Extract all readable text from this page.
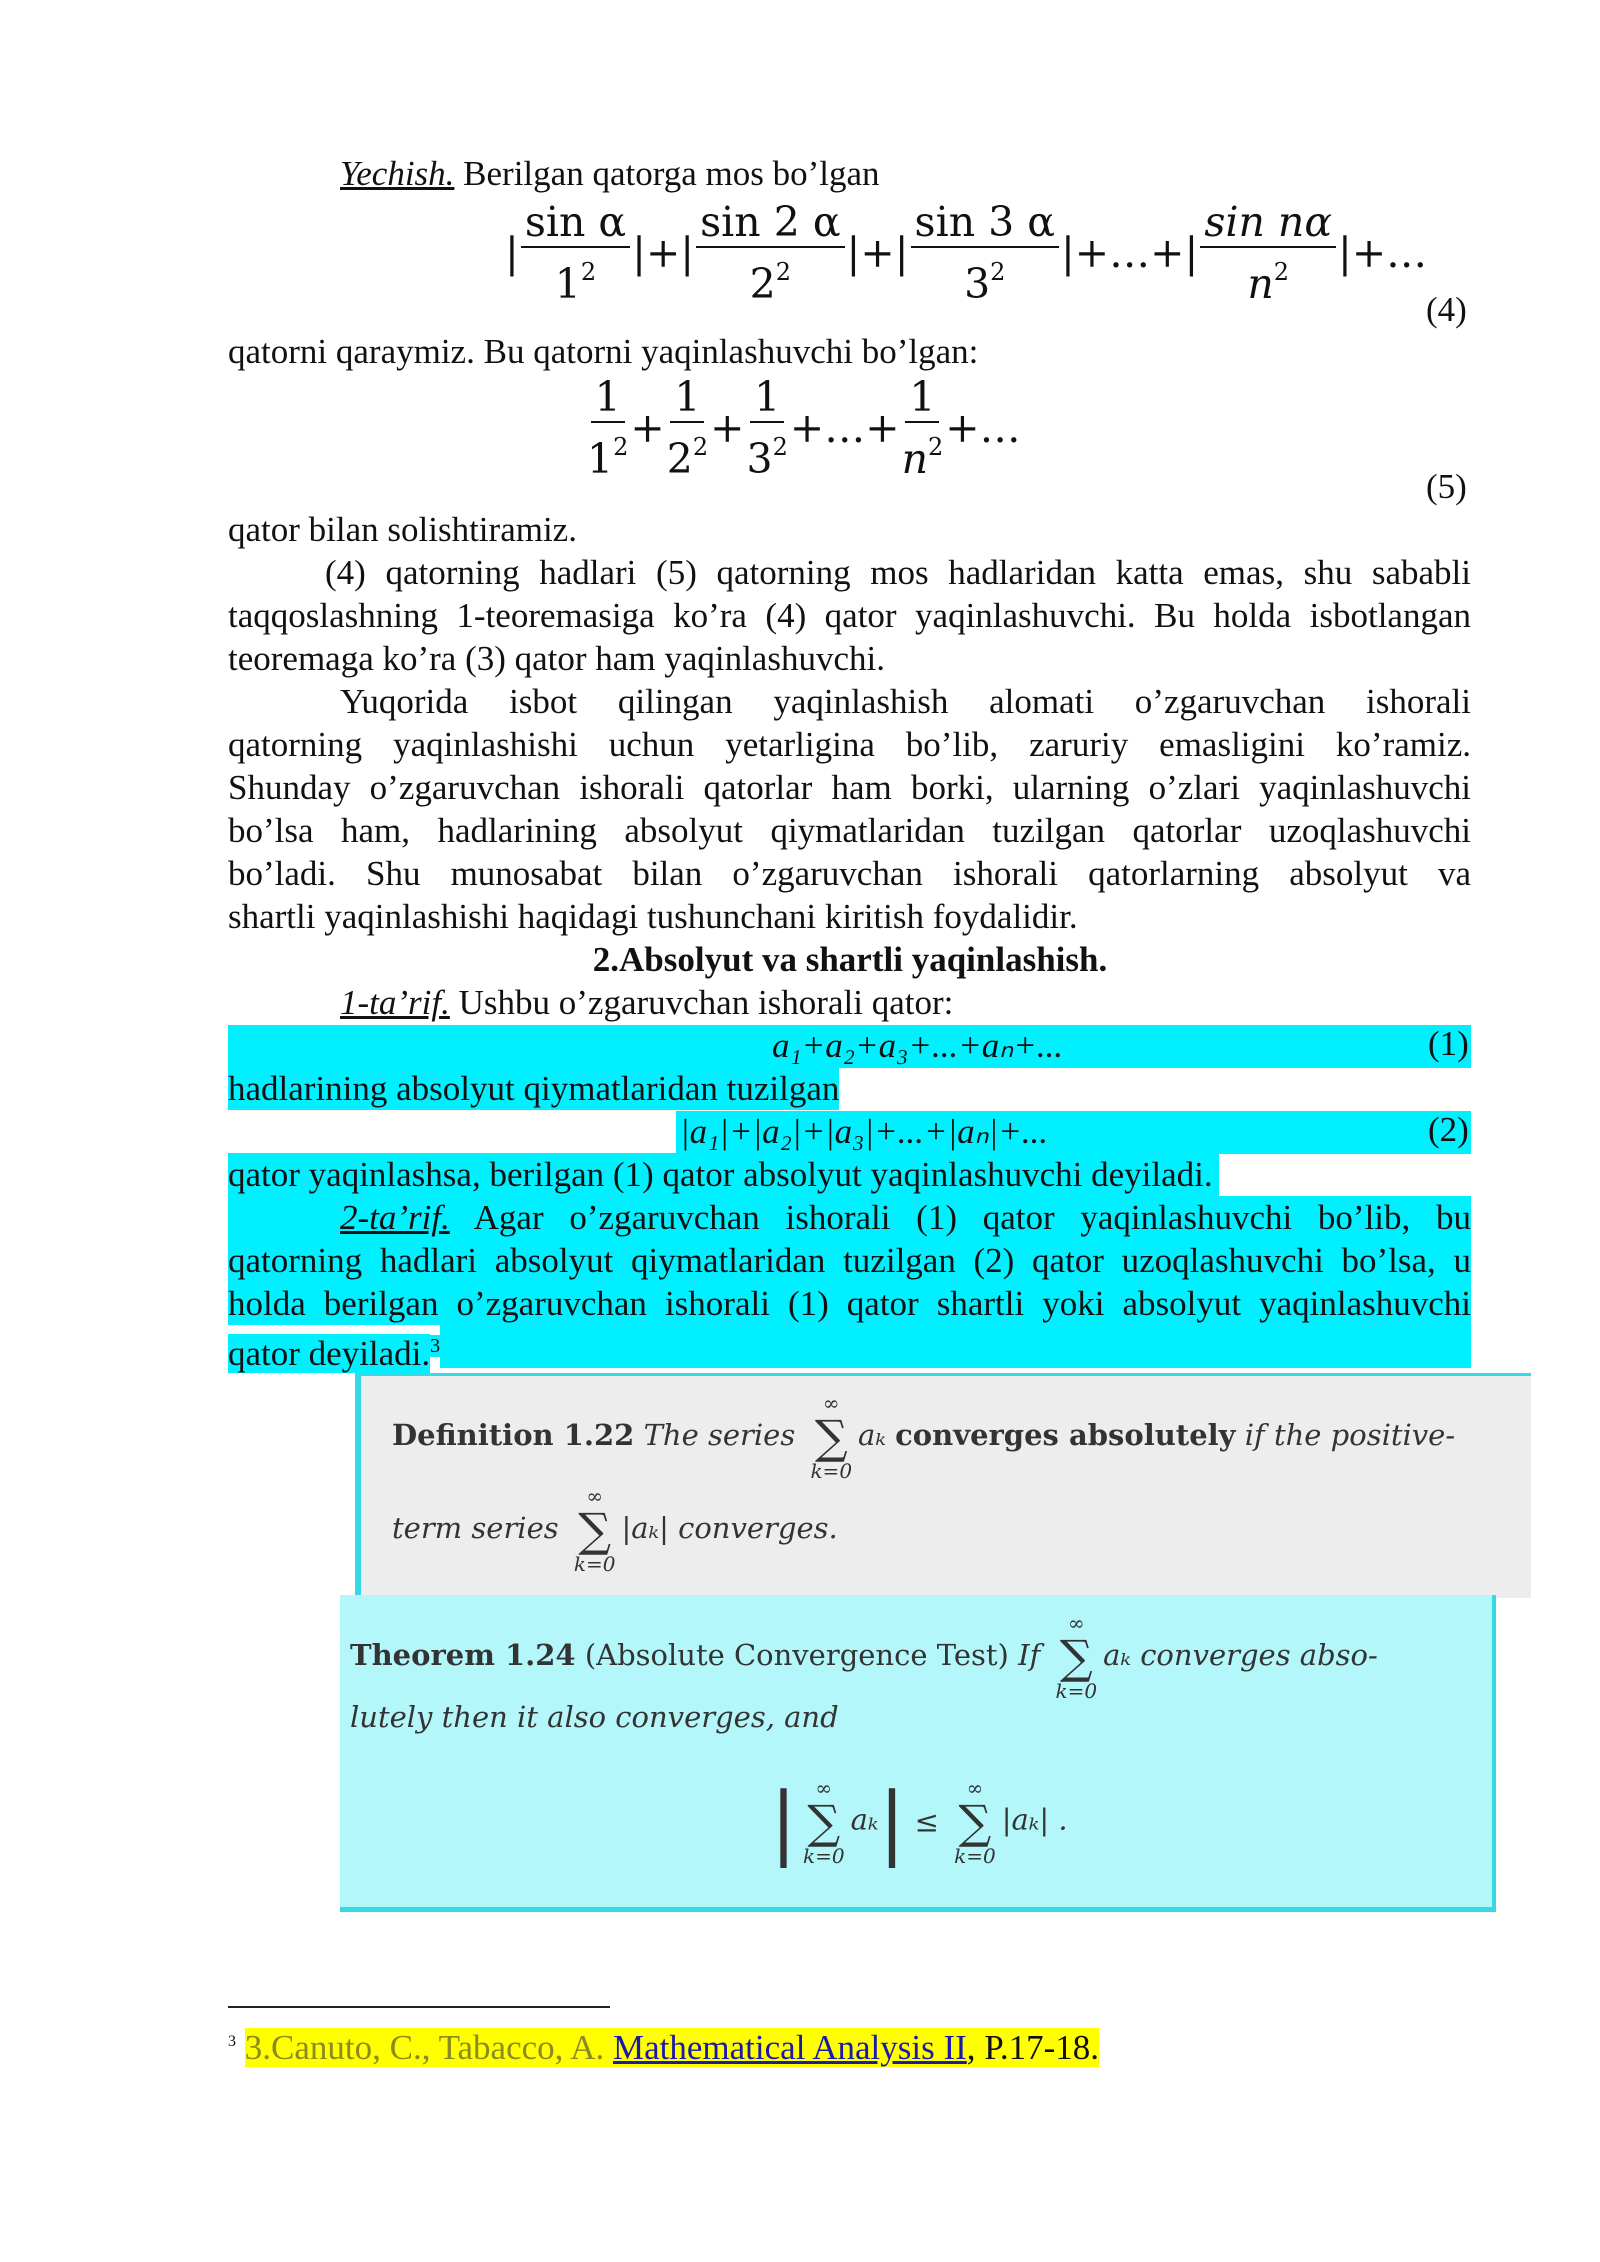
Yechish. Berilgan qatorga mos bo’lgan
| $\frac{\text{sin α}}{1^2}$ |+| $\frac{\sin 2 \alpha}{2^2}$ |+| $\frac{\sin 3 \alpha}{3^2}$ |+…+| $\frac{\text{sin nα}}{n^2}$ |+…
(4)
qatorni qaraymiz. Bu qatorni yaqinlashuvchi bo’lgan:
$\frac{1}{1^2} + \frac{1}{2^2} + \frac{1}{3^2}$ +…+ $\frac{1}{n^2}$ +…
(5)
qator bilan solishtiramiz.
(4) qatorning hadlari (5) qatorning mos hadlaridan katta emas, shu sababli
taqqoslashning 1-teoremasiga ko’ra (4) qator yaqinlashuvchi. Bu holda isbotlangan
teoremaga ko’ra (3) qator ham yaqinlashuvchi.
Yuqorida isbot qilingan yaqinlashish alomati o’zgaruvchan ishorali
qatorning yaqinlashishi uchun yetarligina bo’lib, zaruriy emasligini ko’ramiz.
Shunday o’zgaruvchan ishorali qatorlar ham borki, ularning o’zlari yaqinlashuvchi
bo’lsa ham, hadlarining absolyut qiymatlaridan tuzilgan qatorlar uzoqlashuvchi
bo’ladi. Shu munosabat bilan o’zgaruvchan ishorali qatorlarning absolyut va
shartli yaqinlashishi haqidagi tushunchani kiritish foydalidir.
2.Absolyut va shartli yaqinlashish.
1-ta’rif. Ushbu o’zgaruvchan ishorali qator:
a₁+a₂+a₃+...+aₙ+...	(1)
hadlarining absolyut qiymatlaridan tuzilgan
|a₁|+|a₂|+|a₃|+...+|aₙ|+...	(2)
qator yaqinlashsa, berilgan (1) qator absolyut yaqinlashuvchi deyiladi.
2-ta’rif. Agar o’zgaruvchan ishorali (1) qator yaqinlashuvchi bo’lib, bu
qatorning hadlari absolyut qiymatlaridan tuzilgan (2) qator uzoqlashuvchi bo’lsa, u
holda berilgan o’zgaruvchan ishorali (1) qator shartli yoki absolyut yaqinlashuvchi
qator deyiladi.$^3$
Definition 1.22 The series
∞
∑
k=0
aₖ converges absolutely if the positive-
term series
∞
∑
k=0
|aₖ| converges.
Theorem 1.24 (Absolute Convergence Test) If
∞
∑
k=0
aₖ converges abso-
lutely then it also converges, and
| ∞
∑
k=0
aₖ| ≤
∞
∑
k=0
|aₖ| .
$^3$ 3.Canuto, C., Tabacco, A. Mathematical Analysis II, P.17-18.
